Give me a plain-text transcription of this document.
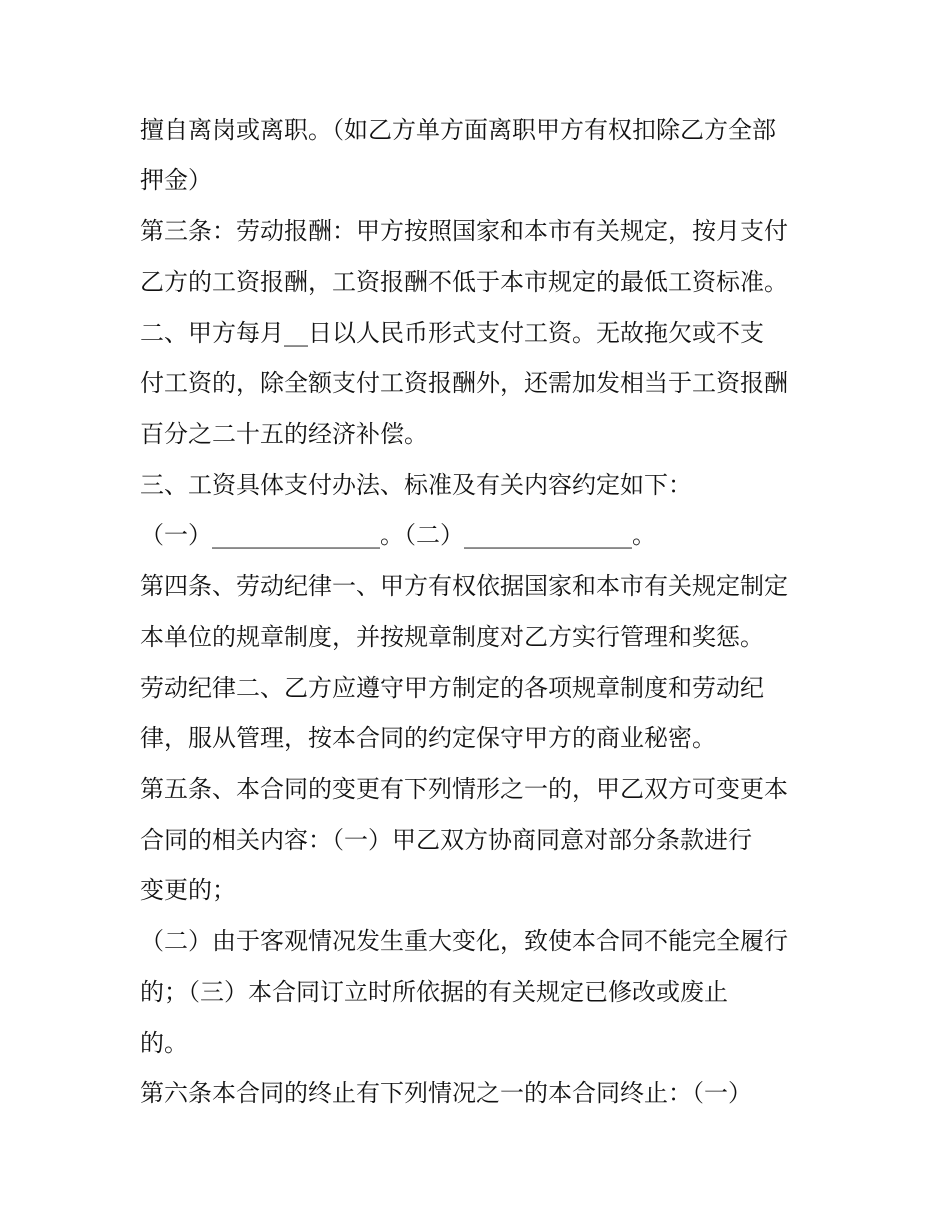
擅自离岗或离职。（如乙方单方面离职甲方有权扣除乙方全部
押金）
第三条：劳动报酬：甲方按照国家和本市有关规定，按月支付
乙方的工资报酬，工资报酬不低于本市规定的最低工资标准。
二、甲方每月__日以人民币形式支付工资。无故拖欠或不支
付工资的，除全额支付工资报酬外，还需加发相当于工资报酬
百分之二十五的经济补偿。
三、工资具体支付办法、标准及有关内容约定如下：
（一）______________。（二）______________。
第四条、劳动纪律一、甲方有权依据国家和本市有关规定制定
本单位的规章制度，并按规章制度对乙方实行管理和奖惩。
劳动纪律二、乙方应遵守甲方制定的各项规章制度和劳动纪
律，服从管理，按本合同的约定保守甲方的商业秘密。
第五条、本合同的变更有下列情形之一的，甲乙双方可变更本
合同的相关内容：（一）甲乙双方协商同意对部分条款进行
变更的；
（二）由于客观情况发生重大变化，致使本合同不能完全履行
的；（三）本合同订立时所依据的有关规定已修改或废止
的。
第六条本合同的终止有下列情况之一的本合同终止：（一）
